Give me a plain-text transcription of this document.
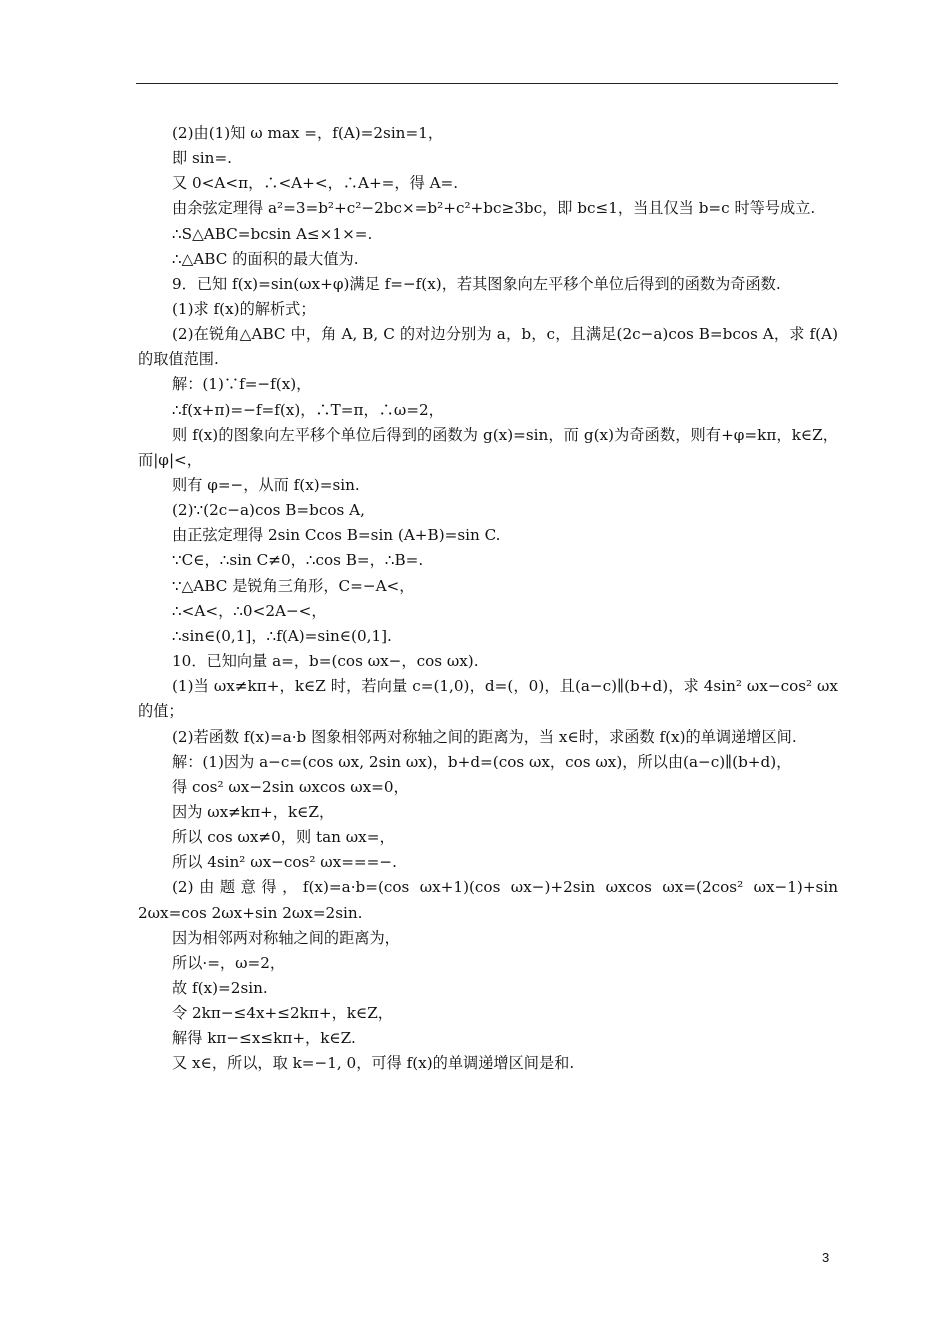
(2)由(1)知 ω max =，f(A)=2sin=1，
即 sin=.
又 0<A<π，∴<A+<，∴A+=，得 A=.
由余弦定理得 a²=3=b²+c²−2bc×=b²+c²+bc≥3bc，即 bc≤1，当且仅当 b=c 时等号成立.
∴S△ABC=bcsin A≤×1×=.
∴△ABC 的面积的最大值为.
9．已知 f(x)=sin(ωx+φ)满足 f=−f(x)，若其图象向左平移个单位后得到的函数为奇函数.
(1)求 f(x)的解析式；
(2)在锐角△ABC 中，角 A, B, C 的对边分别为 a，b，c，且满足(2c−a)cos B=bcos A，求 f(A)的取值范围.
解：(1)∵f=−f(x)，
∴f(x+π)=−f=f(x)，∴T=π，∴ω=2，
则 f(x)的图象向左平移个单位后得到的函数为 g(x)=sin，而 g(x)为奇函数，则有+φ=kπ，k∈Z，而|φ|<，
则有 φ=−，从而 f(x)=sin.
(2)∵(2c−a)cos B=bcos A,
由正弦定理得 2sin Ccos B=sin (A+B)=sin C.
∵C∈，∴sin C≠0，∴cos B=，∴B=.
∵△ABC 是锐角三角形，C=−A<，
∴<A<，∴0<2A−<，
∴sin∈(0,1]，∴f(A)=sin∈(0,1].
10．已知向量 a=，b=(cos ωx−，cos ωx).
(1)当 ωx≠kπ+，k∈Z 时，若向量 c=(1,0)，d=(，0)，且(a−c)∥(b+d)，求 4sin² ωx−cos² ωx 的值；
(2)若函数 f(x)=a·b 图象相邻两对称轴之间的距离为，当 x∈时，求函数 f(x)的单调递增区间.
解：(1)因为 a−c=(cos ωx, 2sin ωx)，b+d=(cos ωx，cos ωx)，所以由(a−c)∥(b+d)，
得 cos² ωx−2sin ωxcos ωx=0，
因为 ωx≠kπ+，k∈Z，
所以 cos ωx≠0，则 tan ωx=，
所以 4sin² ωx−cos² ωx===−.
(2)由题意得，f(x)=a·b=(cos ωx+1)(cos ωx−)+2sin ωxcos ωx=(2cos² ωx−1)+sin 2ωx=cos 2ωx+sin 2ωx=2sin.
因为相邻两对称轴之间的距离为，
所以·=，ω=2，
故 f(x)=2sin.
令 2kπ−≤4x+≤2kπ+，k∈Z，
解得 kπ−≤x≤kπ+，k∈Z.
又 x∈，所以，取 k=−1, 0，可得 f(x)的单调递增区间是和.
3
